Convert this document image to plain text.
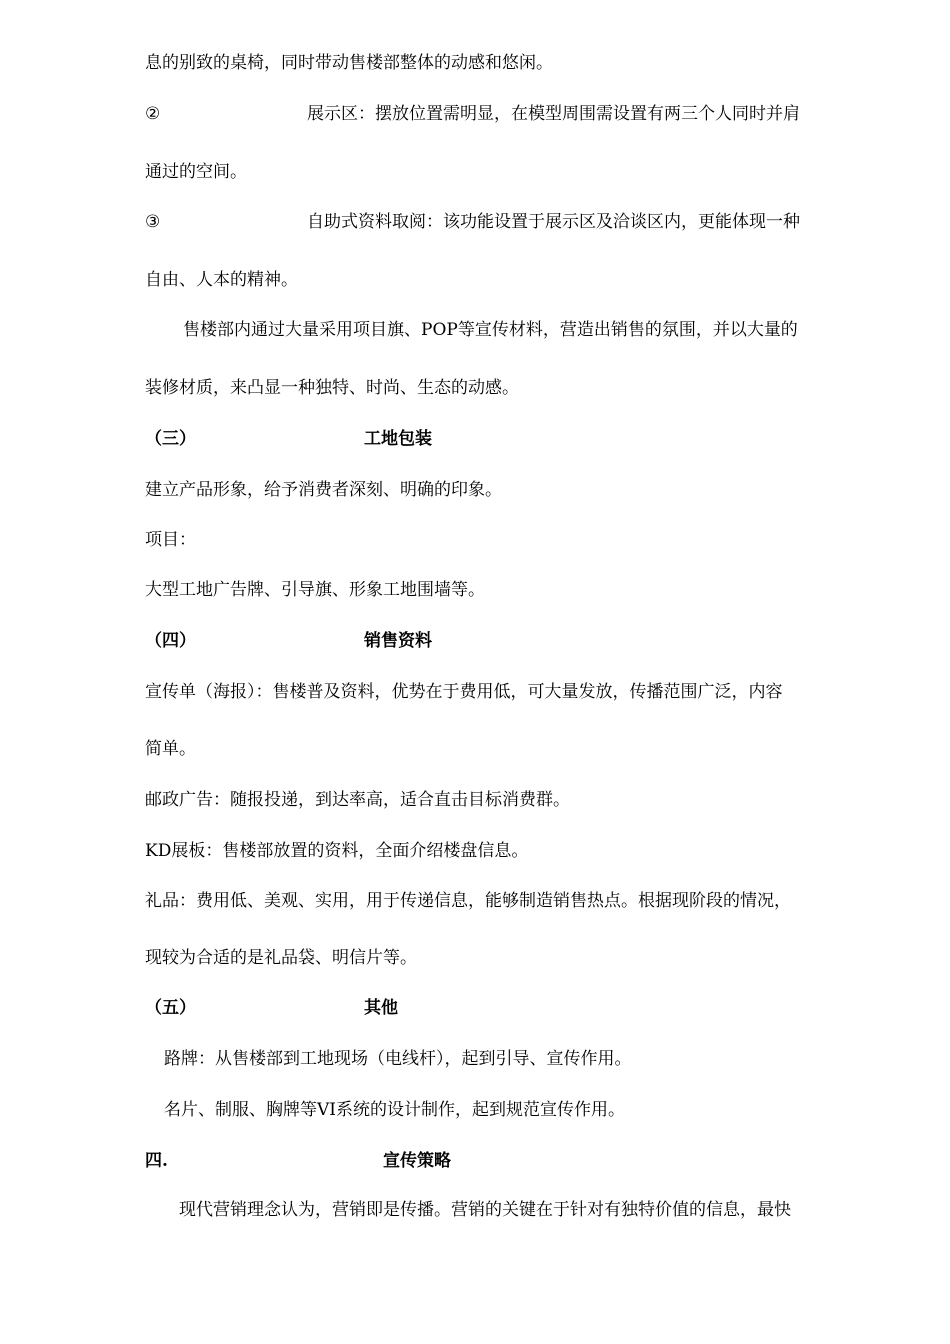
息的别致的桌椅，同时带动售楼部整体的动感和悠闲。
②	展示区：摆放位置需明显，在模型周围需设置有两三个人同时并肩
通过的空间。
③	自助式资料取阅：该功能设置于展示区及洽谈区内，更能体现一种
自由、人本的精神。
售楼部内通过大量采用项目旗、POP等宣传材料，营造出销售的氛围，并以大量的
装修材质，来凸显一种独特、时尚、生态的动感。
（三）	工地包装
建立产品形象，给予消费者深刻、明确的印象。
项目：
大型工地广告牌、引导旗、形象工地围墙等。
（四）	销售资料
宣传单（海报）：售楼普及资料，优势在于费用低，可大量发放，传播范围广泛，内容
简单。
邮政广告：随报投递，到达率高，适合直击目标消费群。
KD展板：售楼部放置的资料，全面介绍楼盘信息。
礼品：费用低、美观、实用，用于传递信息，能够制造销售热点。根据现阶段的情况，
现较为合适的是礼品袋、明信片等。
（五）	其他
路牌：从售楼部到工地现场（电线杆），起到引导、宣传作用。
名片、制服、胸牌等VI系统的设计制作，起到规范宣传作用。
四.	宣传策略
现代营销理念认为，营销即是传播。营销的关键在于针对有独特价值的信息，最快
